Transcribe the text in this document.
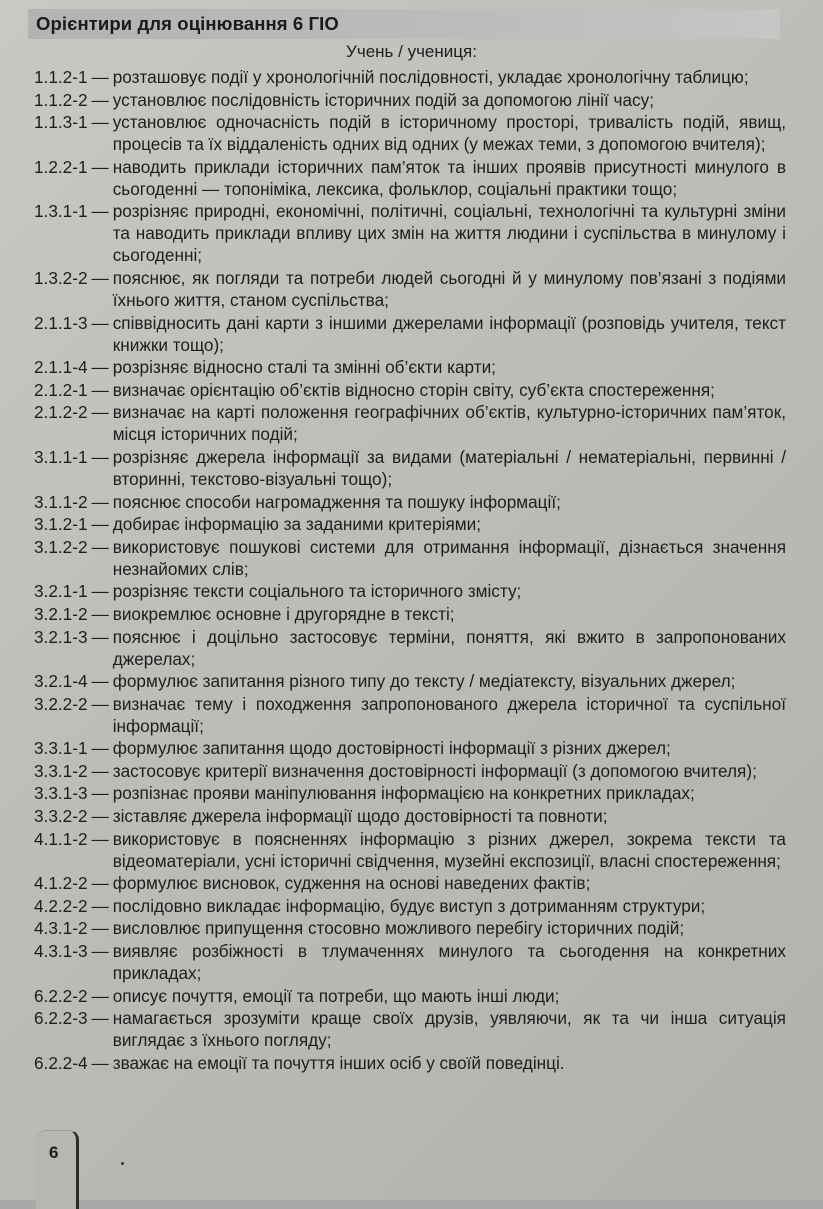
Орієнтири для оцінювання 6 ГІО
Учень / учениця:
1.1.2-1 — розташовує події у хронологічній послідовності, укладає хронологічну таблицю;
1.1.2-2 — установлює послідовність історичних подій за допомогою лінії часу;
1.1.3-1 — установлює одночасність подій в історичному просторі, тривалість подій, явищ, процесів та їх віддаленість одних від одних (у межах теми, з допомогою вчителя);
1.2.2-1 — наводить приклади історичних пам’яток та інших проявів присутності минулого в сьогоденні — топоніміка, лексика, фольклор, соціальні практики тощо;
1.3.1-1 — розрізняє природні, економічні, політичні, соціальні, технологічні та культурні зміни та наводить приклади впливу цих змін на життя людини і суспільства в минулому і сьогоденні;
1.3.2-2 — пояснює, як погляди та потреби людей сьогодні й у минулому пов’язані з подіями їхнього життя, станом суспільства;
2.1.1-3 — співвідносить дані карти з іншими джерелами інформації (розповідь учителя, текст книжки тощо);
2.1.1-4 — розрізняє відносно сталі та змінні об’єкти карти;
2.1.2-1 — визначає орієнтацію об’єктів відносно сторін світу, суб’єкта спостереження;
2.1.2-2 — визначає на карті положення географічних об’єктів, культурно-історичних пам’яток, місця історичних подій;
3.1.1-1 — розрізняє джерела інформації за видами (матеріальні / нематеріальні, первинні / вторинні, текстово-візуальні тощо);
3.1.1-2 — пояснює способи нагромадження та пошуку інформації;
3.1.2-1 — добирає інформацію за заданими критеріями;
3.1.2-2 — використовує пошукові системи для отримання інформації, дізнається значення незнайомих слів;
3.2.1-1 — розрізняє тексти соціального та історичного змісту;
3.2.1-2 — виокремлює основне і другорядне в тексті;
3.2.1-3 — пояснює і доцільно застосовує терміни, поняття, які вжито в запропонованих джерелах;
3.2.1-4 — формулює запитання різного типу до тексту / медіатексту, візуальних джерел;
3.2.2-2 — визначає тему і походження запропонованого джерела історичної та суспільної інформації;
3.3.1-1 — формулює запитання щодо достовірності інформації з різних джерел;
3.3.1-2 — застосовує критерії визначення достовірності інформації (з допомогою вчителя);
3.3.1-3 — розпізнає прояви маніпулювання інформацією на конкретних прикладах;
3.3.2-2 — зіставляє джерела інформації щодо достовірності та повноти;
4.1.1-2 — використовує в поясненнях інформацію з різних джерел, зокрема тексти та відеоматеріали, усні історичні свідчення, музейні експозиції, власні спостереження;
4.1.2-2 — формулює висновок, судження на основі наведених фактів;
4.2.2-2 — послідовно викладає інформацію, будує виступ з дотриманням структури;
4.3.1-2 — висловлює припущення стосовно можливого перебігу історичних подій;
4.3.1-3 — виявляє розбіжності в тлумаченнях минулого та сьогодення на конкретних прикладах;
6.2.2-2 — описує почуття, емоції та потреби, що мають інші люди;
6.2.2-3 — намагається зрозуміти краще своїх друзів, уявляючи, як та чи інша ситуація виглядає з їхнього погляду;
6.2.2-4 — зважає на емоції та почуття інших осіб у своїй поведінці.
6
